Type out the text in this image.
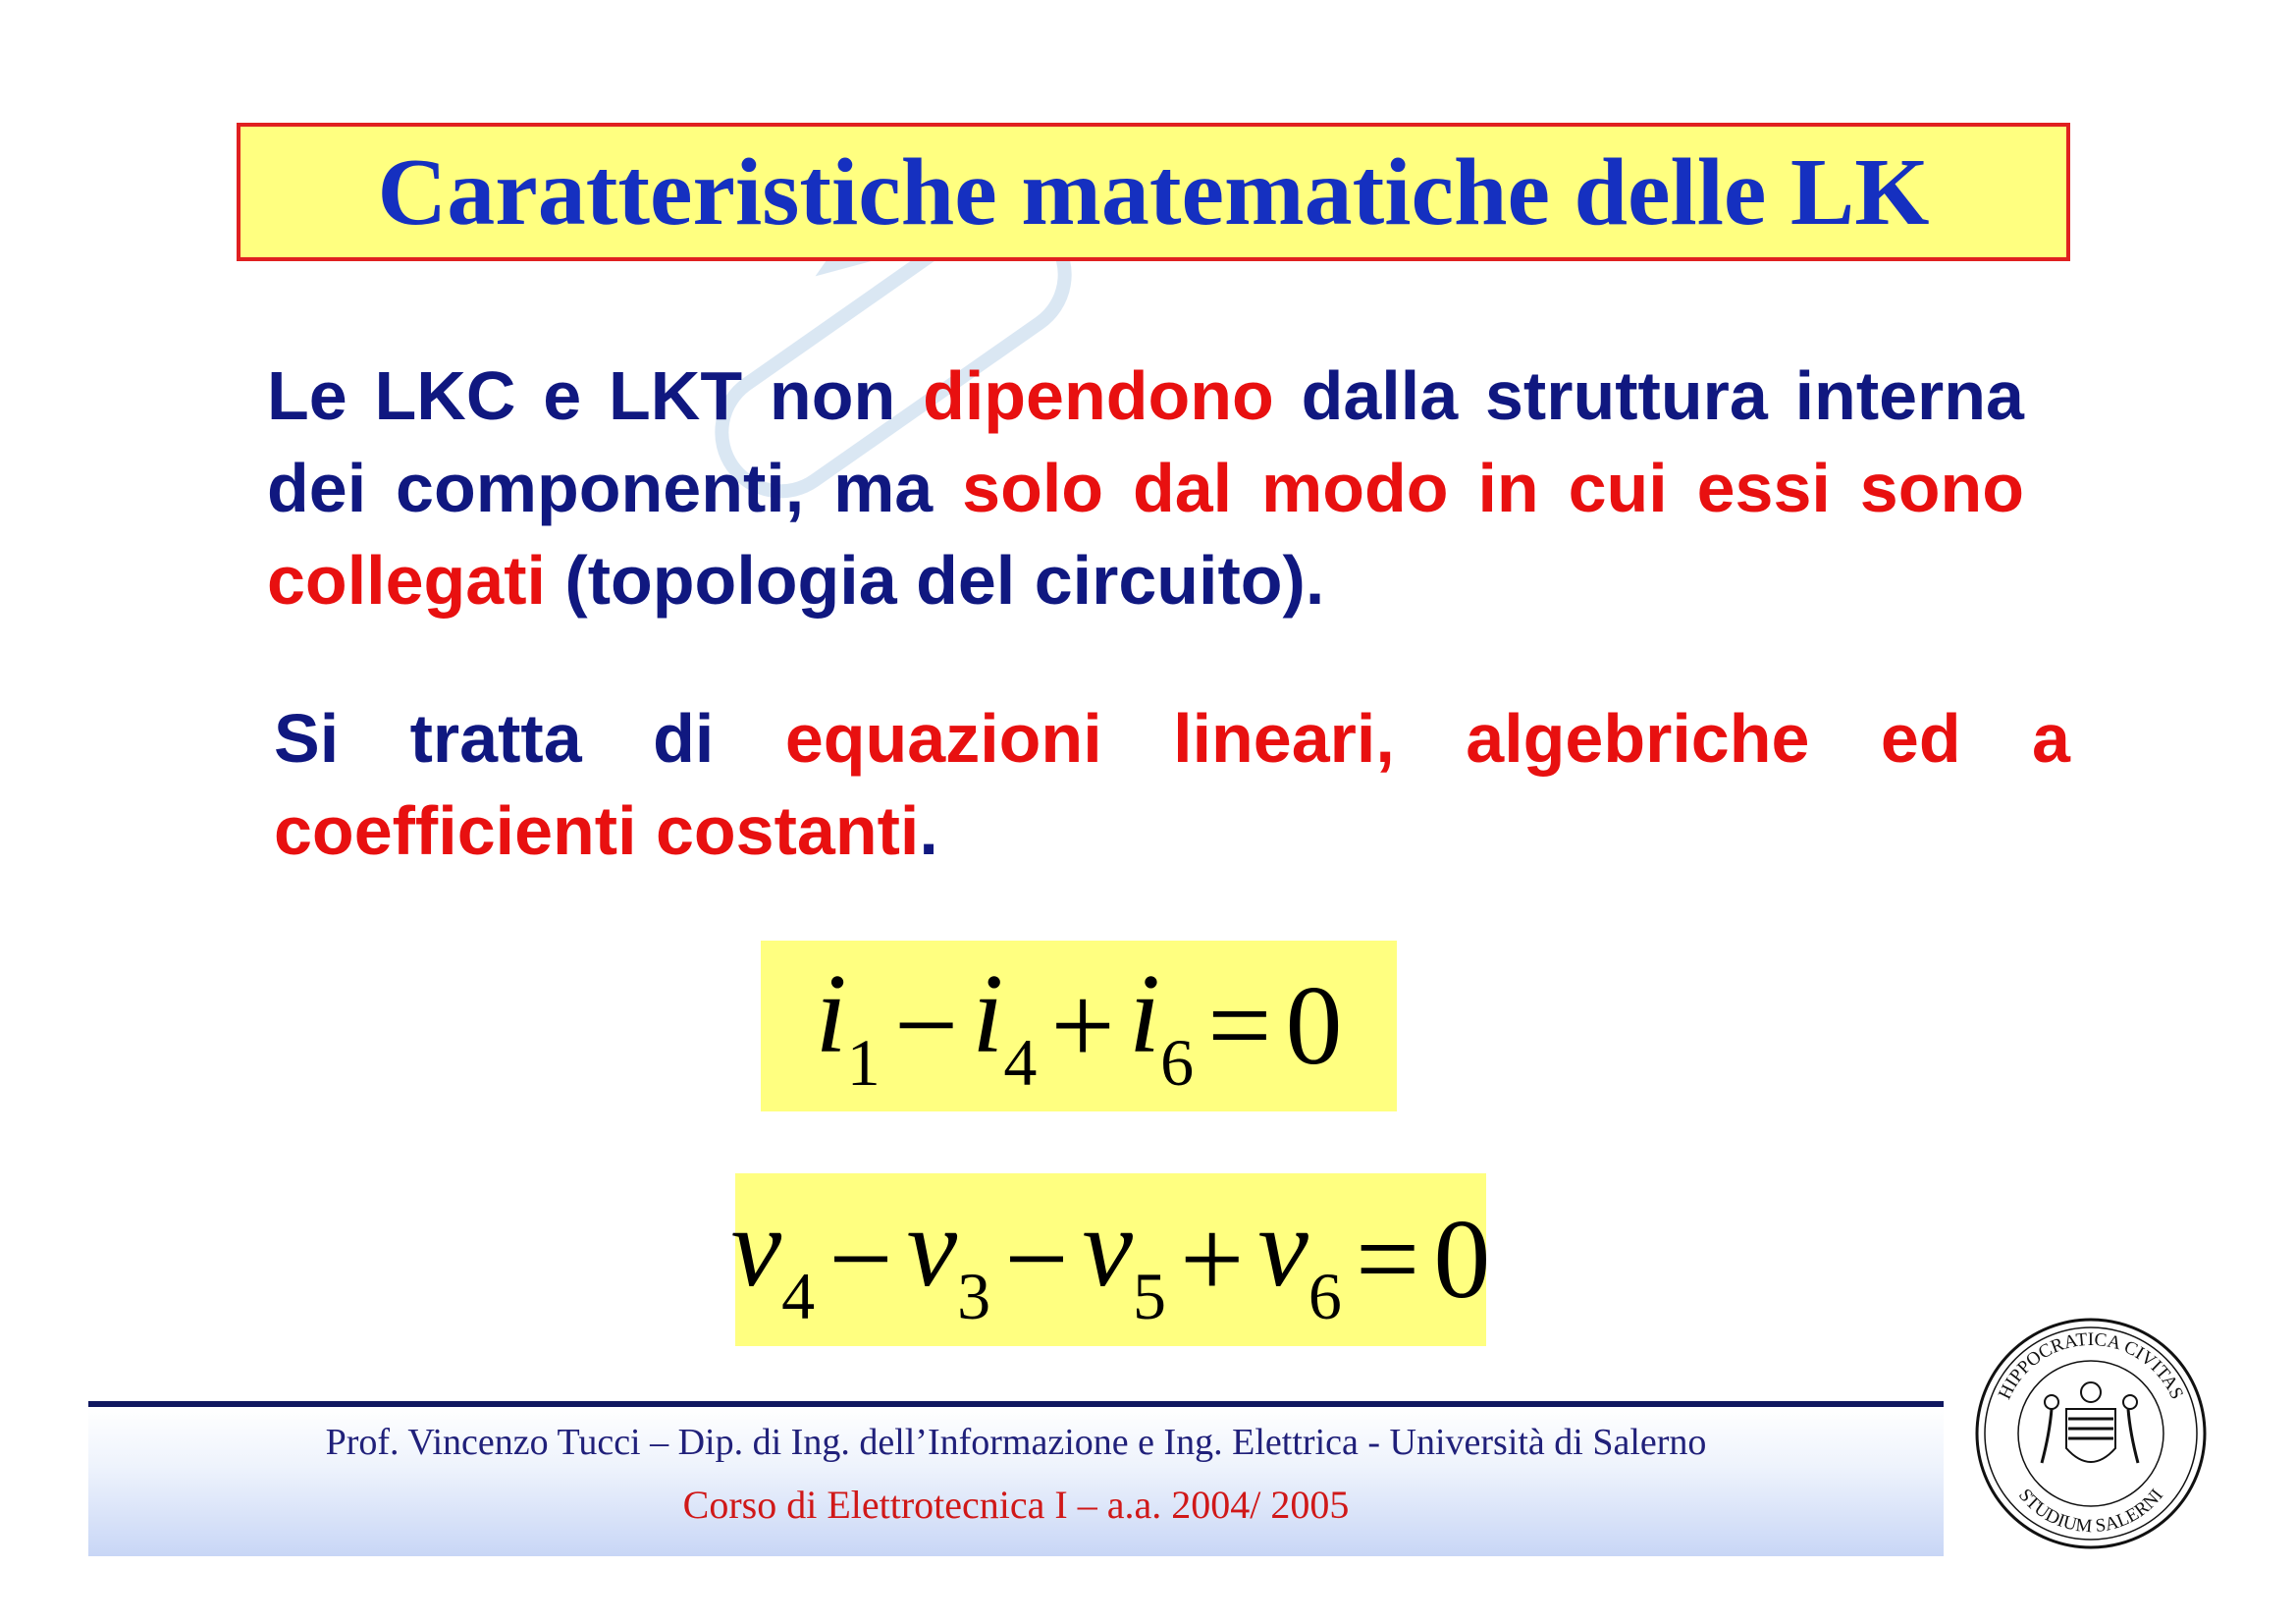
Caratteristiche matematiche delle LK
Le LKC e LKT non dipendono dalla struttura interna dei componenti, ma solo dal modo in cui essi sono collegati (topologia del circuito).
Si tratta di equazioni lineari, algebriche ed a coefficienti costanti.
$i_1 - i_4 + i_6 = 0$
$v_4 - v_3 - v_5 + v_6 = 0$
Prof. Vincenzo Tucci – Dip. di Ing. dell’Informazione e Ing. Elettrica - Università di Salerno
Corso di Elettrotecnica I – a.a. 2004/ 2005
HIPPOCRATICA CIVITAS
STUDIUM SALERNI
